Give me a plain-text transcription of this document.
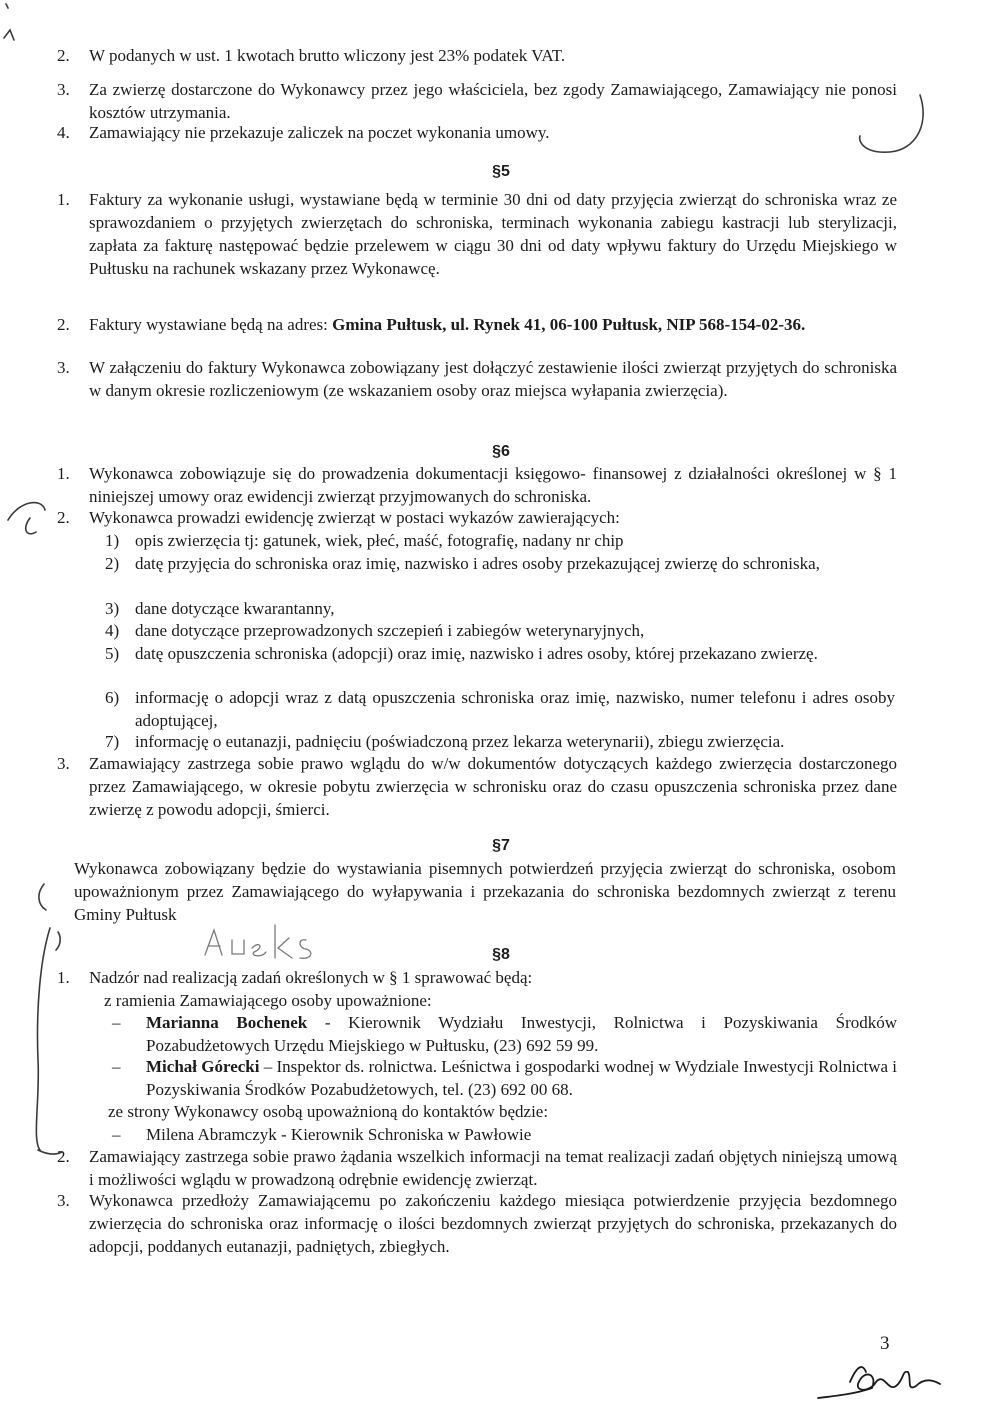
2.	W podanych w ust. 1 kwotach brutto wliczony jest 23% podatek VAT.
3.	Za zwierzę dostarczone do Wykonawcy przez jego właściciela, bez zgody Zamawiającego, Zamawiający nie ponosi kosztów utrzymania.
4.	Zamawiający nie przekazuje zaliczek na poczet wykonania umowy.
§5
1.	Faktury za wykonanie usługi, wystawiane będą w terminie 30 dni od daty przyjęcia zwierząt do schroniska wraz ze sprawozdaniem o przyjętych zwierzętach do schroniska, terminach wykonania zabiegu kastracji lub sterylizacji, zapłata za fakturę następować będzie przelewem w ciągu 30 dni od daty wpływu faktury do Urzędu Miejskiego w Pułtusku na rachunek wskazany przez Wykonawcę.
2.	Faktury wystawiane będą na adres: Gmina Pułtusk, ul. Rynek 41, 06-100 Pułtusk, NIP 568-154-02-36.
3.	W załączeniu do faktury Wykonawca zobowiązany jest dołączyć zestawienie ilości zwierząt przyjętych do schroniska w danym okresie rozliczeniowym (ze wskazaniem osoby oraz miejsca wyłapania zwierzęcia).
§6
1.	Wykonawca zobowiązuje się do prowadzenia dokumentacji księgowo- finansowej z działalności określonej w § 1 niniejszej umowy oraz ewidencji zwierząt przyjmowanych do schroniska.
2.	Wykonawca prowadzi ewidencję zwierząt w postaci wykazów zawierających:
1) opis zwierzęcia tj: gatunek, wiek, płeć, maść, fotografię, nadany nr chip
2) datę przyjęcia do schroniska oraz imię, nazwisko i adres osoby przekazującej zwierzę do schroniska,
3) dane dotyczące kwarantanny,
4) dane dotyczące przeprowadzonych szczepień i zabiegów weterynaryjnych,
5) datę opuszczenia schroniska (adopcji) oraz imię, nazwisko i adres osoby, której przekazano zwierzę.
6) informację o adopcji wraz z datą opuszczenia schroniska oraz imię, nazwisko, numer telefonu i adres osoby adoptującej,
7) informację o eutanazji, padnięciu (poświadczoną przez lekarza weterynarii), zbiegu zwierzęcia.
3.	Zamawiający zastrzega sobie prawo wglądu do w/w dokumentów dotyczących każdego zwierzęcia dostarczonego przez Zamawiającego, w okresie pobytu zwierzęcia w schronisku oraz do czasu opuszczenia schroniska przez dane zwierzę z powodu adopcji, śmierci.
§7
Wykonawca zobowiązany będzie do wystawiania pisemnych potwierdzeń przyjęcia zwierząt do schroniska, osobom upoważnionym przez Zamawiającego do wyłapywania i przekazania do schroniska bezdomnych zwierząt z terenu Gminy Pułtusk
§8
1.	Nadzór nad realizacją zadań określonych w § 1 sprawować będą:
z ramienia Zamawiającego osoby upoważnione:
– Marianna Bochenek - Kierownik Wydziału Inwestycji, Rolnictwa i Pozyskiwania Środków Pozabudżetowych Urzędu Miejskiego w Pułtusku, (23) 692 59 99.
– Michał Górecki – Inspektor ds. rolnictwa. Leśnictwa i gospodarki wodnej w Wydziale Inwestycji Rolnictwa i Pozyskiwania Środków Pozabudżetowych, tel. (23) 692 00 68.
ze strony Wykonawcy osobą upoważnioną do kontaktów będzie:
– Milena Abramczyk - Kierownik Schroniska w Pawłowie
2.	Zamawiający zastrzega sobie prawo żądania wszelkich informacji na temat realizacji zadań objętych niniejszą umową i możliwości wglądu w prowadzoną odrębnie ewidencję zwierząt.
3.	Wykonawca przedłoży Zamawiającemu po zakończeniu każdego miesiąca potwierdzenie przyjęcia bezdomnego zwierzęcia do schroniska oraz informację o ilości bezdomnych zwierząt przyjętych do schroniska, przekazanych do adopcji, poddanych eutanazji, padniętych, zbiegłych.
3
